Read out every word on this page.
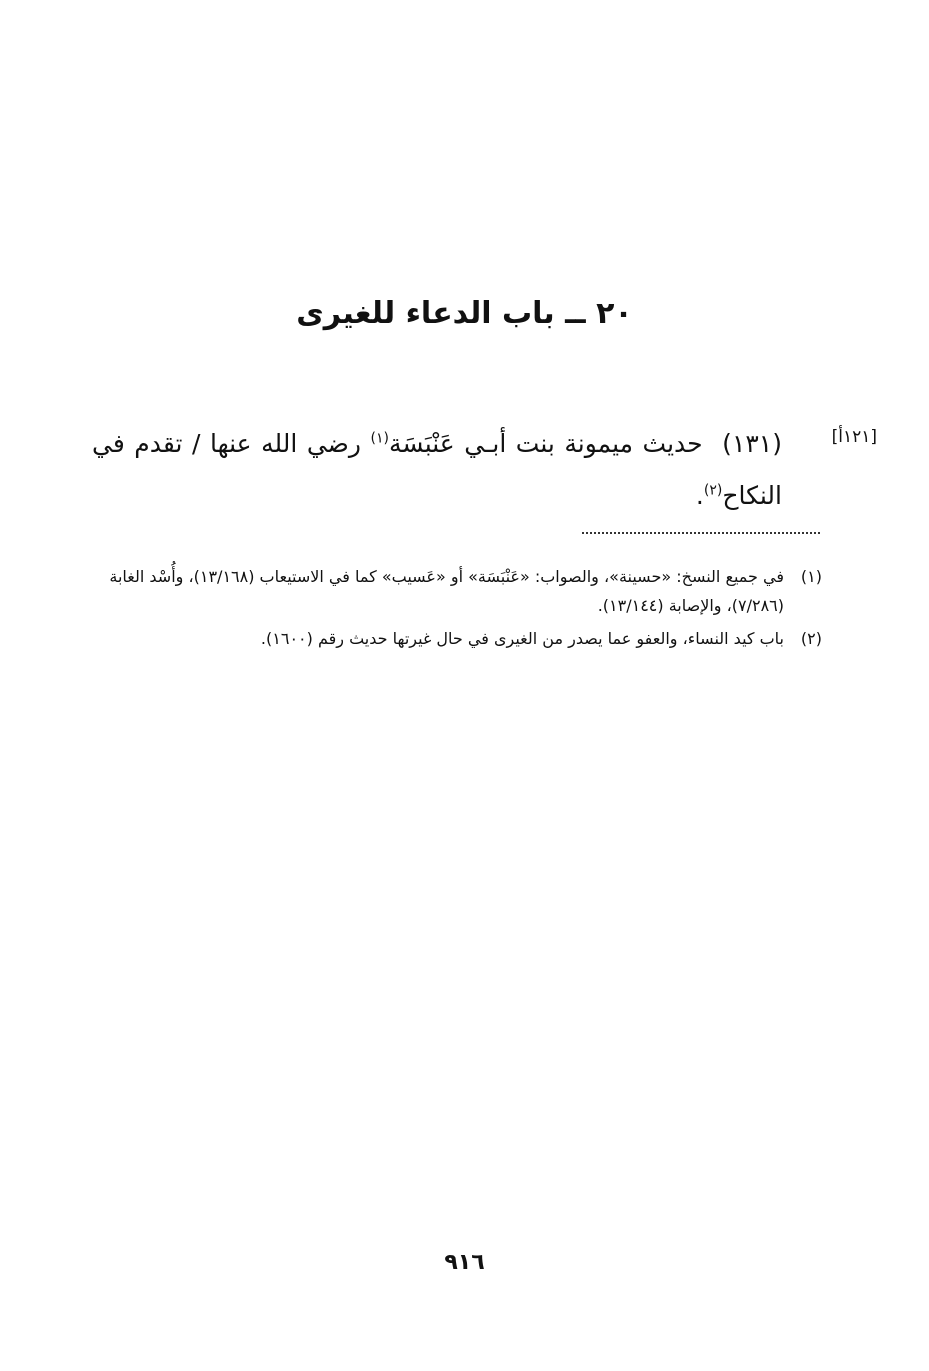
٢٠ ــ باب الدعاء للغيرى
[١٢١أ]
(١٣١) حديث ميمونة بنت أبـي عَنْبَسَة$^{(١)}$ رضي الله عنها / تقدم في النكاح$^{(٢)}$.
(١)
في جميع النسخ: «حسينة»، والصواب: «عَنْبَسَة» أو «عَسيب» كما في الاستيعاب (١٣/١٦٨)، وأُسْد الغابة (٧/٢٨٦)، والإصابة (١٣/١٤٤).
(٢)
باب كيد النساء، والعفو عما يصدر من الغيرى في حال غيرتها حديث رقم (١٦٠٠).
٩١٦
